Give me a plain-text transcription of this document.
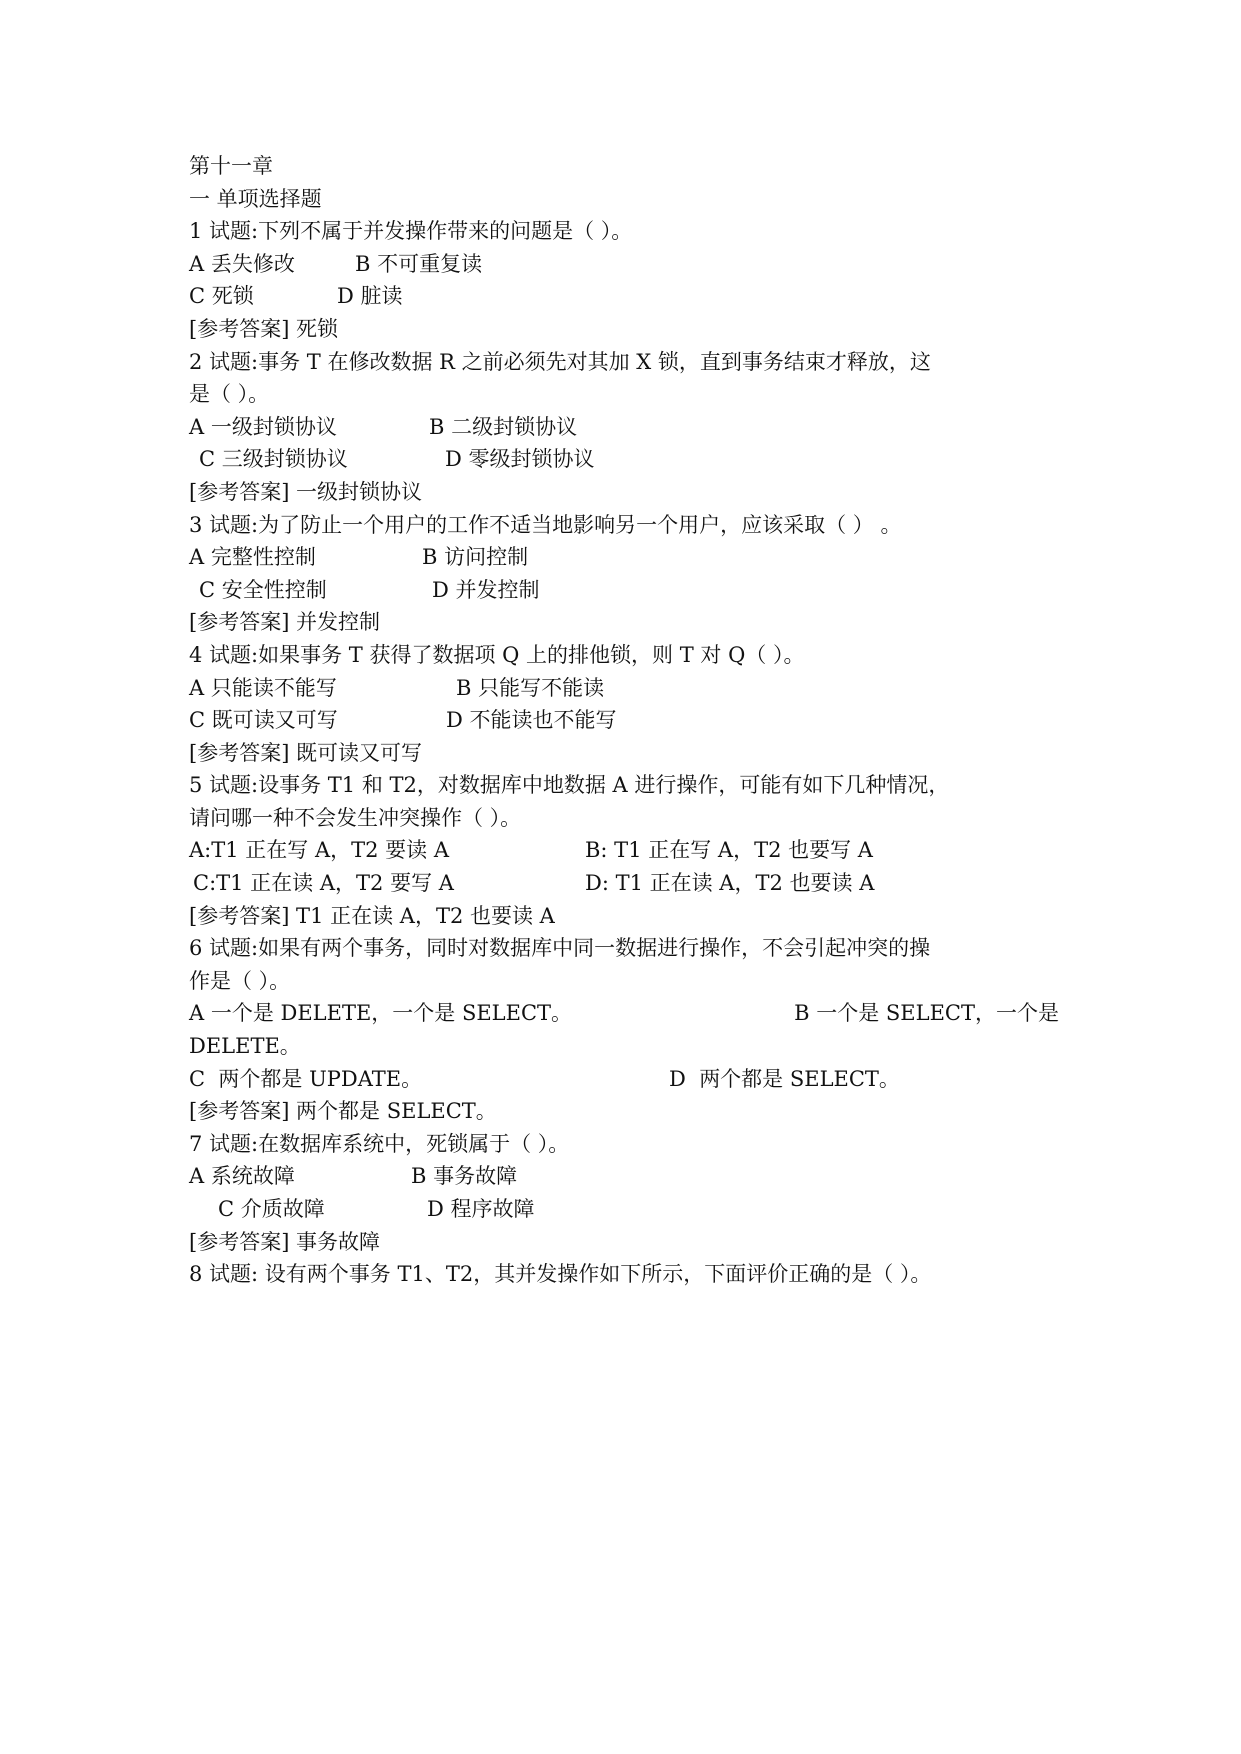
第十一章
一 单项选择题
1 试题:下列不属于并发操作带来的问题是（ ）。
A 丢失修改	B 不可重复读
C 死锁	D 脏读
[参考答案] 死锁
2 试题:事务 T 在修改数据 R 之前必须先对其加 X 锁，直到事务结束才释放，这
是（ ）。
A 一级封锁协议	B 二级封锁协议
C 三级封锁协议	D 零级封锁协议
[参考答案] 一级封锁协议
3 试题:为了防止一个用户的工作不适当地影响另一个用户，应该采取（ ） 。
A 完整性控制	B 访问控制
C 安全性控制	D 并发控制
[参考答案] 并发控制
4 试题:如果事务 T 获得了数据项 Q 上的排他锁，则 T 对 Q（ ）。
A 只能读不能写	B 只能写不能读
C 既可读又可写	D 不能读也不能写
[参考答案] 既可读又可写
5 试题:设事务 T1 和 T2，对数据库中地数据 A 进行操作，可能有如下几种情况，
请问哪一种不会发生冲突操作（ ）。
A:T1 正在写 A，T2 要读 A	B: T1 正在写 A，T2 也要写 A
C:T1 正在读 A，T2 要写 A	D: T1 正在读 A，T2 也要读 A
[参考答案] T1 正在读 A，T2 也要读 A
6 试题:如果有两个事务，同时对数据库中同一数据进行操作，不会引起冲突的操
作是（ ）。
A 一个是 DELETE，一个是 SELECT。	B 一个是 SELECT，一个是
DELETE。
C  两个都是 UPDATE。	D  两个都是 SELECT。
[参考答案] 两个都是 SELECT。
7 试题:在数据库系统中，死锁属于（ ）。
A 系统故障	B 事务故障
C 介质故障	D 程序故障
[参考答案] 事务故障
8 试题: 设有两个事务 T1、T2，其并发操作如下所示，下面评价正确的是（ ）。
